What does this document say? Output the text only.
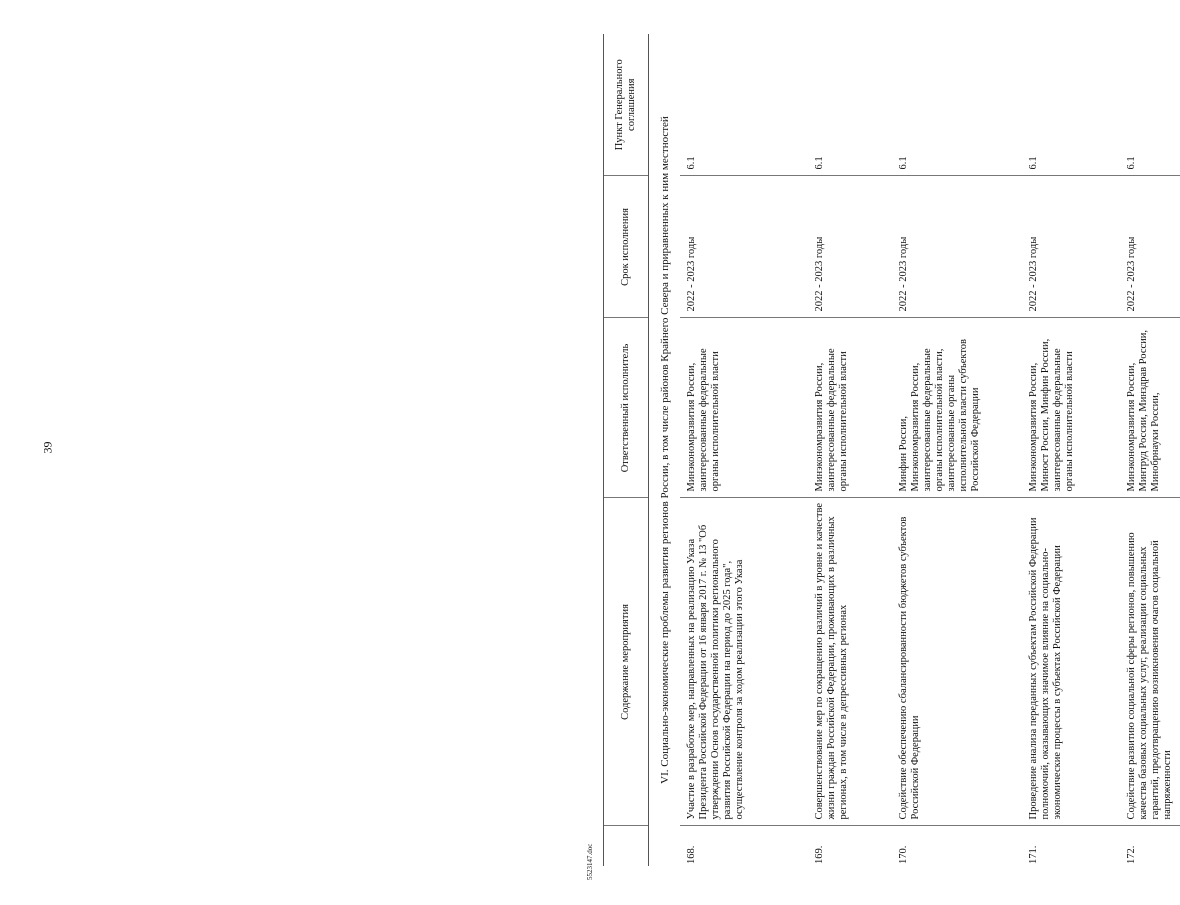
39
	Содержание мероприятия	Ответственный исполнитель	Срок исполнения	Пункт Генерального соглашения
VI. Социально-экономические проблемы развития регионов России, в том числе районов Крайнего Севера и приравненных к ним местностей				
168.	Участие в разработке мер, направленных на реализацию Указа Президента Российской Федерации от 16 января 2017 г. № 13 "Об утверждении Основ государственной политики регионального развития Российской Федерации на период до 2025 года", осуществление контроля за ходом реализации этого Указа	Минэкономразвития России, заинтересованные федеральные органы исполнительной власти	2022 - 2023 годы	6.1
169.	Совершенствование мер по сокращению различий в уровне и качестве жизни граждан Российской Федерации, проживающих в различных регионах, в том числе в депрессивных регионах	Минэкономразвития России, заинтересованные федеральные органы исполнительной власти	2022 - 2023 годы	6.1
170.	Содействие обеспечению сбалансированности бюджетов субъектов Российской Федерации	Минфин России, Минэкономразвития России, заинтересованные федеральные органы исполнительной власти, заинтересованные органы исполнительной власти субъектов Российской Федерации	2022 - 2023 годы	6.1
171.	Проведение анализа переданных субъектам Российской Федерации полномочий, оказывающих значимое влияние на социально-экономические процессы в субъектах Российской Федерации	Минэкономразвития России, Минюст России, Минфин России, заинтересованные федеральные органы исполнительной власти	2022 - 2023 годы	6.1
172.	Содействие развитию социальной сферы регионов, повышению качества базовых социальных услуг, реализации социальных гарантий, предотвращению возникновения очагов социальной напряженности	Минэкономразвития России, Минтруд России, Минздрав России, Минобрнауки России,	2022 - 2023 годы	6.1
5523147.doc
